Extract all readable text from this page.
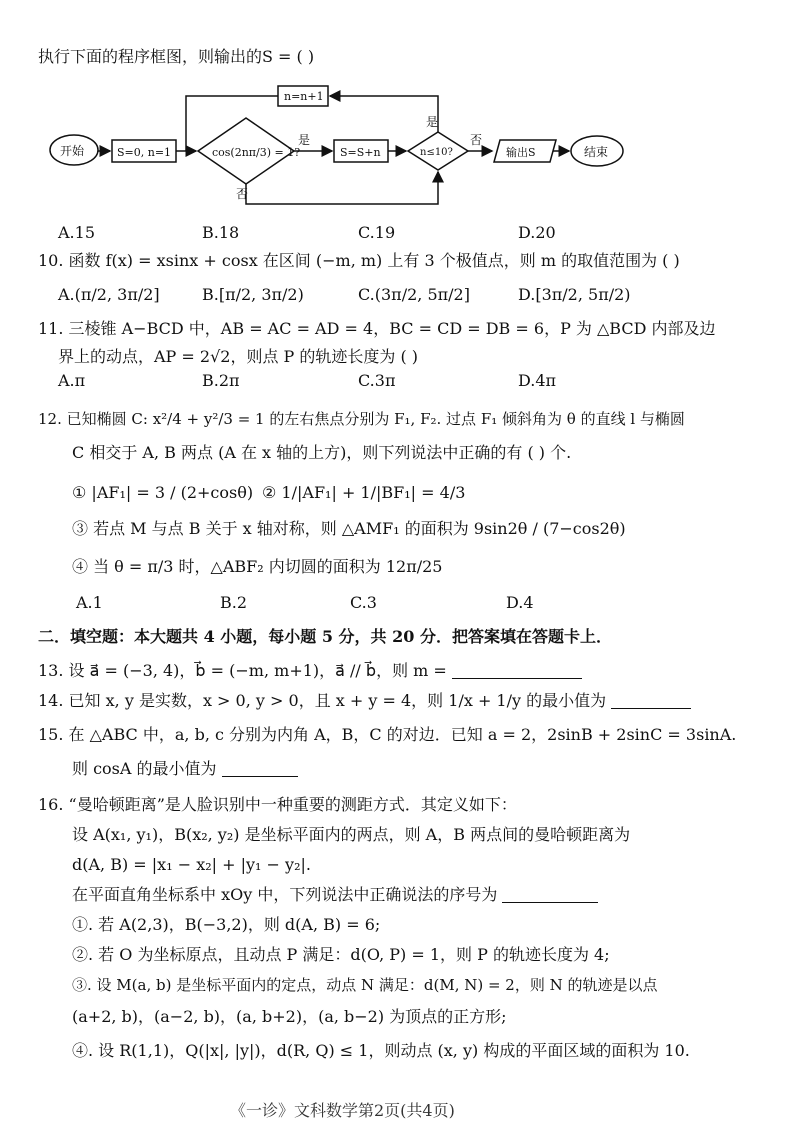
执行下面的程序框图，则输出的S = ( )
开始	S=0, n=1	cos(2nπ/3) = 1?
是
否
S=S+n	n≤10?
是
否
n=n+1
输出S	结束
A.15	B.18	C.19	D.20
10. 函数 f(x) = xsinx + cosx 在区间 (−m, m) 上有 3 个极值点，则 m 的取值范围为 ( )
A.(π/2, 3π/2]	B.[π/2, 3π/2)	C.(3π/2, 5π/2]	D.[3π/2, 5π/2)
11. 三棱锥 A−BCD 中，AB = AC = AD = 4，BC = CD = DB = 6，P 为 △BCD 内部及边
界上的动点，AP = 2√2，则点 P 的轨迹长度为 ( )
A.π	B.2π	C.3π	D.4π
12. 已知椭圆 C: x²/4 + y²/3 = 1 的左右焦点分别为 F₁, F₂. 过点 F₁ 倾斜角为 θ 的直线 l 与椭圆
C 相交于 A, B 两点 (A 在 x 轴的上方)，则下列说法中正确的有 ( ) 个.
① |AF₁| = 3 / (2+cosθ) ② 1/|AF₁| + 1/|BF₁| = 4/3
③ 若点 M 与点 B 关于 x 轴对称，则 △AMF₁ 的面积为 9sin2θ / (7−cos2θ)
④ 当 θ = π/3 时，△ABF₂ 内切圆的面积为 12π/25
A.1	B.2	C.3	D.4
二．填空题：本大题共 4 小题，每小题 5 分，共 20 分．把答案填在答题卡上．
13. 设 a⃗ = (−3, 4)，b⃗ = (−m, m+1)，a⃗ // b⃗，则 m =
14. 已知 x, y 是实数，x > 0, y > 0，且 x + y = 4，则 1/x + 1/y 的最小值为
15. 在 △ABC 中，a, b, c 分别为内角 A，B，C 的对边．已知 a = 2，2sinB + 2sinC = 3sinA.
则 cosA 的最小值为
16. “曼哈顿距离”是人脸识别中一种重要的测距方式．其定义如下：
设 A(x₁, y₁)，B(x₂, y₂) 是坐标平面内的两点，则 A，B 两点间的曼哈顿距离为
d(A, B) = |x₁ − x₂| + |y₁ − y₂|.
在平面直角坐标系中 xOy 中，下列说法中正确说法的序号为
①. 若 A(2,3)，B(−3,2)，则 d(A, B) = 6;
②. 若 O 为坐标原点，且动点 P 满足：d(O, P) = 1，则 P 的轨迹长度为 4;
③. 设 M(a, b) 是坐标平面内的定点，动点 N 满足：d(M, N) = 2，则 N 的轨迹是以点
(a+2, b)，(a−2, b)，(a, b+2)，(a, b−2) 为顶点的正方形;
④. 设 R(1,1)，Q(|x|, |y|)，d(R, Q) ≤ 1，则动点 (x, y) 构成的平面区域的面积为 10.
《一诊》文科数学第2页(共4页)
